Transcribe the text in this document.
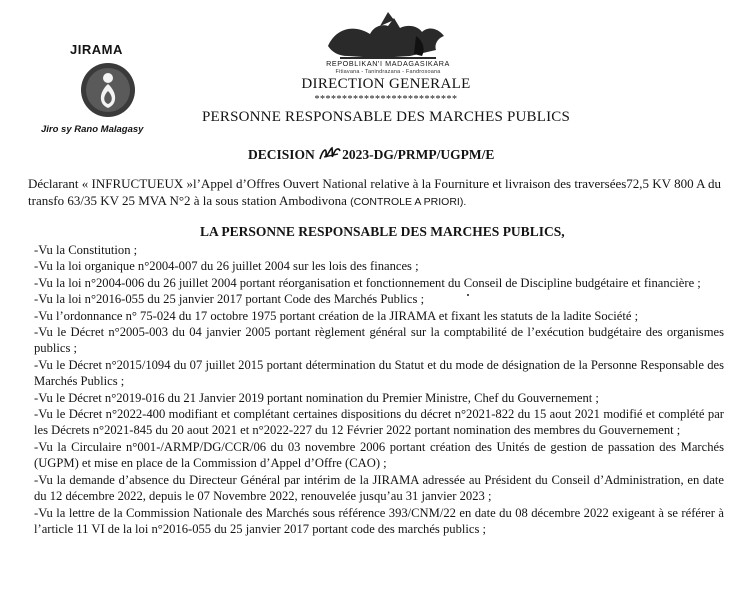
JIRAMA
Jiro sy Rano Malagasy
REPOBLIKAN'I MADAGASIKARA
Fitiavana - Tanindrazana - Fandrosoana
DIRECTION GENERALE
**************************
PERSONNE RESPONSABLE DES MARCHES PUBLICS
DECISION 2023-DG/PRMP/UGPM/E
Déclarant « INFRUCTUEUX »l’Appel d’Offres Ouvert National relative à la Fourniture et livraison des traversées72,5 KV 800 A du transfo 63/35 KV 25 MVA N°2 à la sous station Ambodivona (CONTROLE A PRIORI).
LA PERSONNE RESPONSABLE DES MARCHES PUBLICS,
-Vu la Constitution ;
-Vu la loi organique n°2004-007 du 26 juillet 2004 sur les lois des finances ;
-Vu la loi n°2004-006 du 26 juillet 2004 portant réorganisation et fonctionnement du Conseil de Discipline budgétaire et financière ;
-Vu la loi n°2016-055 du 25 janvier 2017 portant Code des Marchés Publics ;
-Vu l’ordonnance n° 75-024 du 17 octobre 1975 portant création de la JIRAMA et fixant les statuts de la ladite Société ;
-Vu le Décret n°2005-003 du 04 janvier 2005 portant règlement général sur la comptabilité de l’exécution budgétaire des organismes publics ;
-Vu le Décret n°2015/1094 du 07 juillet 2015 portant détermination du Statut et du mode de désignation de la Personne Responsable des Marchés Publics ;
-Vu le Décret n°2019-016 du 21 Janvier 2019 portant nomination du Premier Ministre, Chef du Gouvernement ;
-Vu le Décret n°2022-400 modifiant et complétant certaines dispositions du décret n°2021-822 du 15 aout 2021 modifié et complété par les Décrets n°2021-845 du 20 aout 2021 et n°2022-227 du 12 Février 2022 portant nomination des membres du Gouvernement ;
-Vu la Circulaire n°001-/ARMP/DG/CCR/06 du 03 novembre 2006 portant création des Unités de gestion de passation des Marchés (UGPM) et mise en place de la Commission d’Appel d’Offre (CAO) ;
-Vu la demande d’absence du Directeur Général par intérim de la JIRAMA adressée au Président du Conseil d’Administration, en date du 12 décembre 2022, depuis le 07 Novembre 2022, renouvelée jusqu’au 31 janvier 2023 ;
-Vu la lettre de la Commission Nationale des Marchés sous référence 393/CNM/22 en date du 08 décembre 2022 exigeant à se référer à l’article 11 VI de la loi n°2016-055 du 25 janvier 2017 portant code des marchés publics ;
